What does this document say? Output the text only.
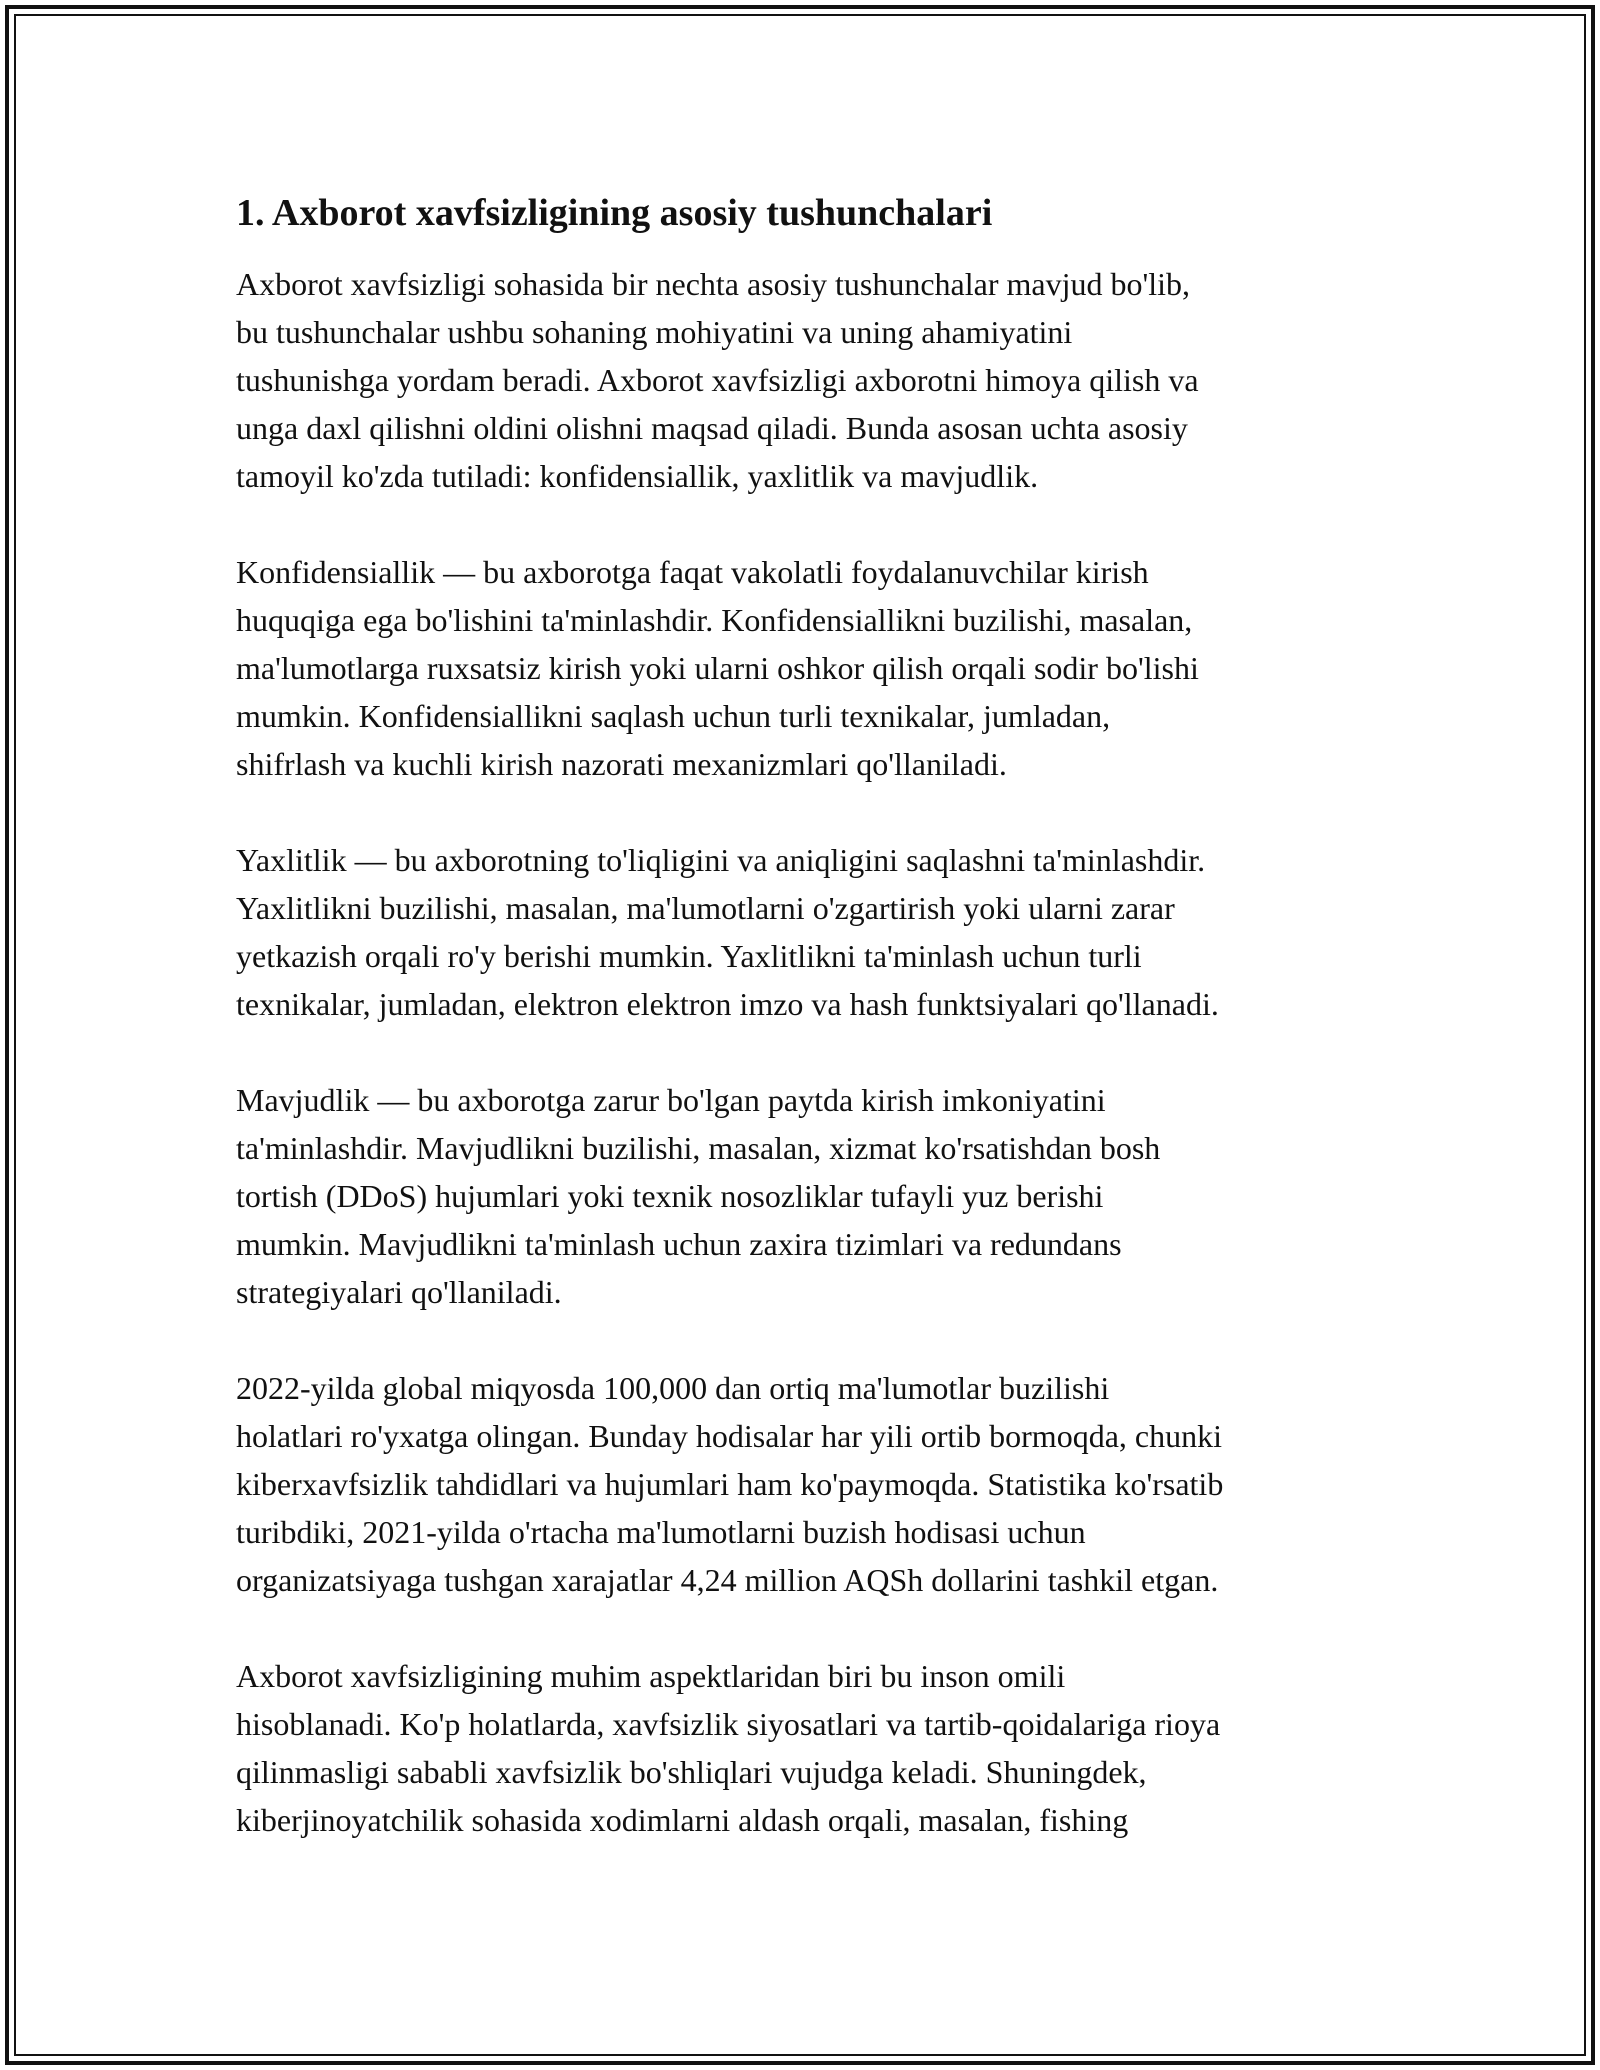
1. Axborot xavfsizligining asosiy tushunchalari

Axborot xavfsizligi sohasida bir nechta asosiy tushunchalar mavjud bo'lib,
bu tushunchalar ushbu sohaning mohiyatini va uning ahamiyatini
tushunishga yordam beradi. Axborot xavfsizligi axborotni himoya qilish va
unga daxl qilishni oldini olishni maqsad qiladi. Bunda asosan uchta asosiy
tamoyil ko'zda tutiladi: konfidensiallik, yaxlitlik va mavjudlik.

Konfidensiallik — bu axborotga faqat vakolatli foydalanuvchilar kirish
huquqiga ega bo'lishini ta'minlashdir. Konfidensiallikni buzilishi, masalan,
ma'lumotlarga ruxsatsiz kirish yoki ularni oshkor qilish orqali sodir bo'lishi
mumkin. Konfidensiallikni saqlash uchun turli texnikalar, jumladan,
shifrlash va kuchli kirish nazorati mexanizmlari qo'llaniladi.

Yaxlitlik — bu axborotning to'liqligini va aniqligini saqlashni ta'minlashdir.
Yaxlitlikni buzilishi, masalan, ma'lumotlarni o'zgartirish yoki ularni zarar
yetkazish orqali ro'y berishi mumkin. Yaxlitlikni ta'minlash uchun turli
texnikalar, jumladan, elektron elektron imzo va hash funktsiyalari qo'llanadi.

Mavjudlik — bu axborotga zarur bo'lgan paytda kirish imkoniyatini
ta'minlashdir. Mavjudlikni buzilishi, masalan, xizmat ko'rsatishdan bosh
tortish (DDoS) hujumlari yoki texnik nosozliklar tufayli yuz berishi
mumkin. Mavjudlikni ta'minlash uchun zaxira tizimlari va redundans
strategiyalari qo'llaniladi.

2022-yilda global miqyosda 100,000 dan ortiq ma'lumotlar buzilishi
holatlari ro'yxatga olingan. Bunday hodisalar har yili ortib bormoqda, chunki
kiberxavfsizlik tahdidlari va hujumlari ham ko'paymoqda. Statistika ko'rsatib
turibdiki, 2021-yilda o'rtacha ma'lumotlarni buzish hodisasi uchun
organizatsiyaga tushgan xarajatlar 4,24 million AQSh dollarini tashkil etgan.

Axborot xavfsizligining muhim aspektlaridan biri bu inson omili
hisoblanadi. Ko'p holatlarda, xavfsizlik siyosatlari va tartib-qoidalariga rioya
qilinmasligi sababli xavfsizlik bo'shliqlari vujudga keladi. Shuningdek,
kiberjinoyatchilik sohasida xodimlarni aldash orqali, masalan, fishing
